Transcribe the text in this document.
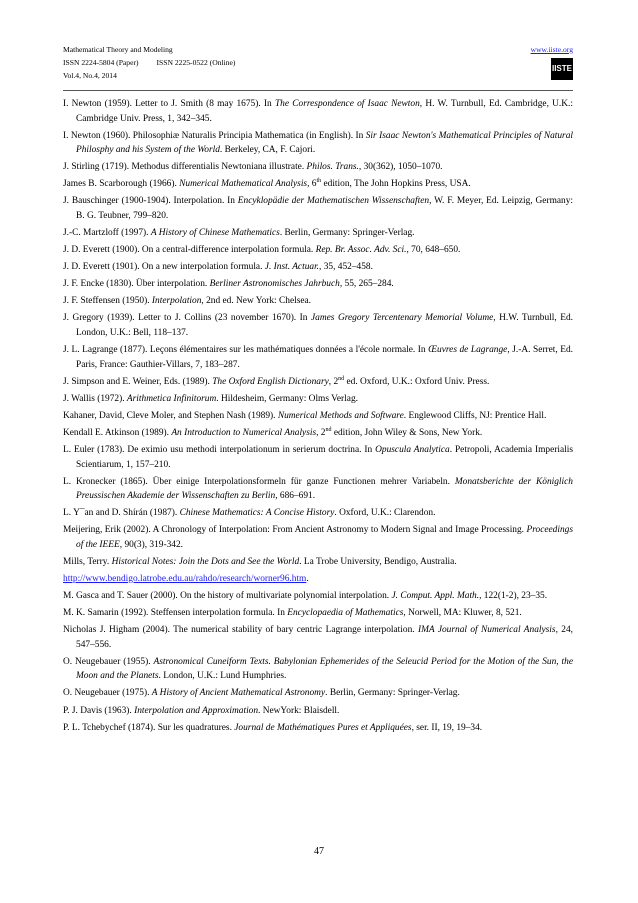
Mathematical Theory and Modeling
ISSN 2224-5804 (Paper) ISSN 2225-0522 (Online)
Vol.4, No.4, 2014
www.iiste.org
IISTE
I. Newton (1959). Letter to J. Smith (8 may 1675). In The Correspondence of Isaac Newton, H. W. Turnbull, Ed. Cambridge, U.K.: Cambridge Univ. Press, 1, 342–345.
I. Newton (1960). Philosophiæ Naturalis Principia Mathematica (in English). In Sir Isaac Newton's Mathematical Principles of Natural Philosphy and his System of the World. Berkeley, CA, F. Cajori.
J. Stirling (1719). Methodus differentialis Newtoniana illustrate. Philos. Trans., 30(362), 1050–1070.
James B. Scarborough (1966). Numerical Mathematical Analysis, 6th edition, The John Hopkins Press, USA.
J. Bauschinger (1900-1904). Interpolation. In Encyklopädie der Mathematischen Wissenschaften, W. F. Meyer, Ed. Leipzig, Germany: B. G. Teubner, 799–820.
J.-C. Martzloff (1997). A History of Chinese Mathematics. Berlin, Germany: Springer-Verlag.
J. D. Everett (1900). On a central-difference interpolation formula. Rep. Br. Assoc. Adv. Sci., 70, 648–650.
J. D. Everett (1901). On a new interpolation formula. J. Inst. Actuar., 35, 452–458.
J. F. Encke (1830). Über interpolation. Berliner Astronomisches Jahrbuch, 55, 265–284.
J. F. Steffensen (1950). Interpolation, 2nd ed. New York: Chelsea.
J. Gregory (1939). Letter to J. Collins (23 november 1670). In James Gregory Tercentenary Memorial Volume, H.W. Turnbull, Ed. London, U.K.: Bell, 118–137.
J. L. Lagrange (1877). Leçons élémentaires sur les mathématiques données a l'école normale. In Œuvres de Lagrange, J.-A. Serret, Ed. Paris, France: Gauthier-Villars, 7, 183–287.
J. Simpson and E. Weiner, Eds. (1989). The Oxford English Dictionary, 2nd ed. Oxford, U.K.: Oxford Univ. Press.
J. Wallis (1972). Arithmetica Infinitorum. Hildesheim, Germany: Olms Verlag.
Kahaner, David, Cleve Moler, and Stephen Nash (1989). Numerical Methods and Software. Englewood Cliffs, NJ: Prentice Hall.
Kendall E. Atkinson (1989). An Introduction to Numerical Analysis, 2nd edition, John Wiley & Sons, New York.
L. Euler (1783). De eximio usu methodi interpolationum in serierum doctrina. In Opuscula Analytica. Petropoli, Academia Imperialis Scientiarum, 1, 157–210.
L. Kronecker (1865). Über einige Interpolationsformeln für ganze Functionen mehrer Variabeln. Monatsberichte der Königlich Preussischen Akademie der Wissenschaften zu Berlin, 686–691.
L. Y¯an and D. Shírán (1987). Chinese Mathematics: A Concise History. Oxford, U.K.: Clarendon.
Meijering, Erik (2002). A Chronology of Interpolation: From Ancient Astronomy to Modern Signal and Image Processing. Proceedings of the IEEE, 90(3), 319-342.
Mills, Terry. Historical Notes: Join the Dots and See the World. La Trobe University, Bendigo, Australia.
http://www.bendigo.latrobe.edu.au/rahdo/research/worner96.htm.
M. Gasca and T. Sauer (2000). On the history of multivariate polynomial interpolation. J. Comput. Appl. Math., 122(1-2), 23–35.
M. K. Samarin (1992). Steffensen interpolation formula. In Encyclopaedia of Mathematics, Norwell, MA: Kluwer, 8, 521.
Nicholas J. Higham (2004). The numerical stability of bary centric Lagrange interpolation. IMA Journal of Numerical Analysis, 24, 547–556.
O. Neugebauer (1955). Astronomical Cuneiform Texts. Babylonian Ephemerides of the Seleucid Period for the Motion of the Sun, the Moon and the Planets. London, U.K.: Lund Humphries.
O. Neugebauer (1975). A History of Ancient Mathematical Astronomy. Berlin, Germany: Springer-Verlag.
P. J. Davis (1963). Interpolation and Approximation. NewYork: Blaisdell.
P. L. Tchebychef (1874). Sur les quadratures. Journal de Mathématiques Pures et Appliquées, ser. II, 19, 19–34.
47
